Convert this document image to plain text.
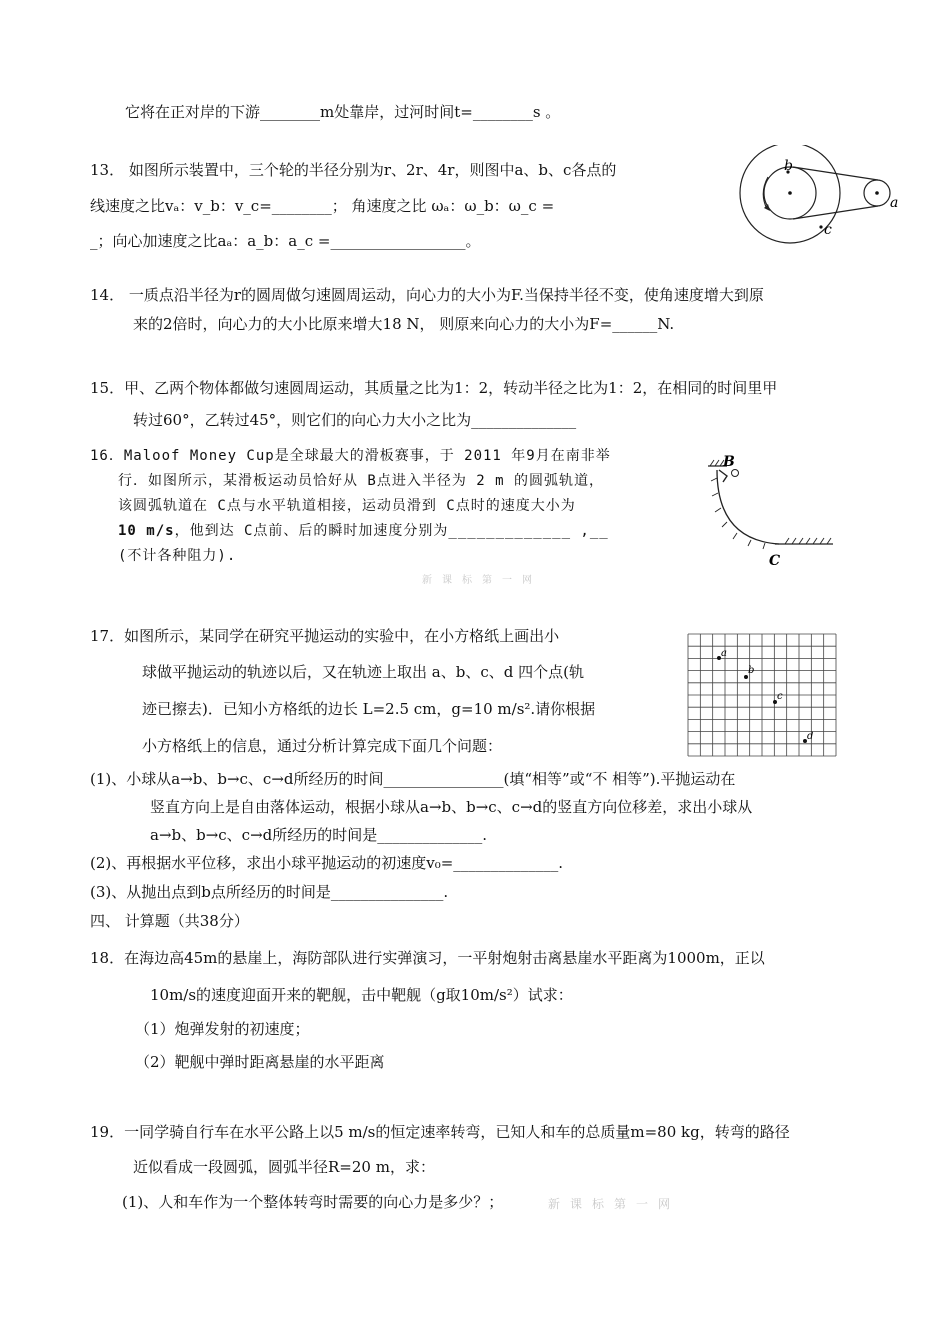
它将在正对岸的下游________m处靠岸，过河时间t=________s 。
13． 如图所示装置中，三个轮的半径分别为r、2r、4r，则图中a、b、c各点的
线速度之比vₐ：v_b：v_c=________； 角速度之比 ωₐ：ω_b：ω_c =
_；向心加速度之比aₐ：a_b：a_c =__________________。
14． 一质点沿半径为r的圆周做匀速圆周运动，向心力的大小为F.当保持半径不变，使角速度增大到原
来的2倍时，向心力的大小比原来增大18 N， 则原来向心力的大小为F=______N.
15．甲、乙两个物体都做匀速圆周运动，其质量之比为1：2，转动半径之比为1：2，在相同的时间里甲
转过60°，乙转过45°，则它们的向心力大小之比为______________
16．Maloof Money Cup是全球最大的滑板赛事，于 2011 年9月在南非举
行．如图所示，某滑板运动员恰好从 B点进入半径为 2 m 的圆弧轨道，
该圆弧轨道在 C点与水平轨道相接，运动员滑到 C点时的速度大小为
10 m/s，他到达 C点前、后的瞬时加速度分别为_____________ ,__
(不计各种阻力).
17．如图所示，某同学在研究平抛运动的实验中，在小方格纸上画出小
球做平抛运动的轨迹以后，又在轨迹上取出 a、b、c、d 四个点(轨
迹已擦去)．已知小方格纸的边长 L=2.5 cm，g=10 m/s².请你根据
小方格纸上的信息，通过分析计算完成下面几个问题：
(1)、小球从a→b、b→c、c→d所经历的时间________________(填“相等”或“不 相等”).平抛运动在
竖直方向上是自由落体运动，根据小球从a→b、b→c、c→d的竖直方向位移差，求出小球从
a→b、b→c、c→d所经历的时间是______________.
(2)、再根据水平位移，求出小球平抛运动的初速度v₀=______________.
(3)、从抛出点到b点所经历的时间是_______________.
四、 计算题（共38分）
18．在海边高45m的悬崖上，海防部队进行实弹演习，一平射炮射击离悬崖水平距离为1000m，正以
10m/s的速度迎面开来的靶舰，击中靶舰（g取10m/s²）试求：
（1）炮弹发射的初速度；
（2）靶舰中弹时距离悬崖的水平距离
19．一同学骑自行车在水平公路上以5 m/s的恒定速率转弯，已知人和车的总质量m=80 kg，转弯的路径
近似看成一段圆弧，圆弧半径R=20 m，求：
(1)、人和车作为一个整体转弯时需要的向心力是多少？；
新课标第一网
新课标第一网
b
a
c
B
C
a
b
c
d
